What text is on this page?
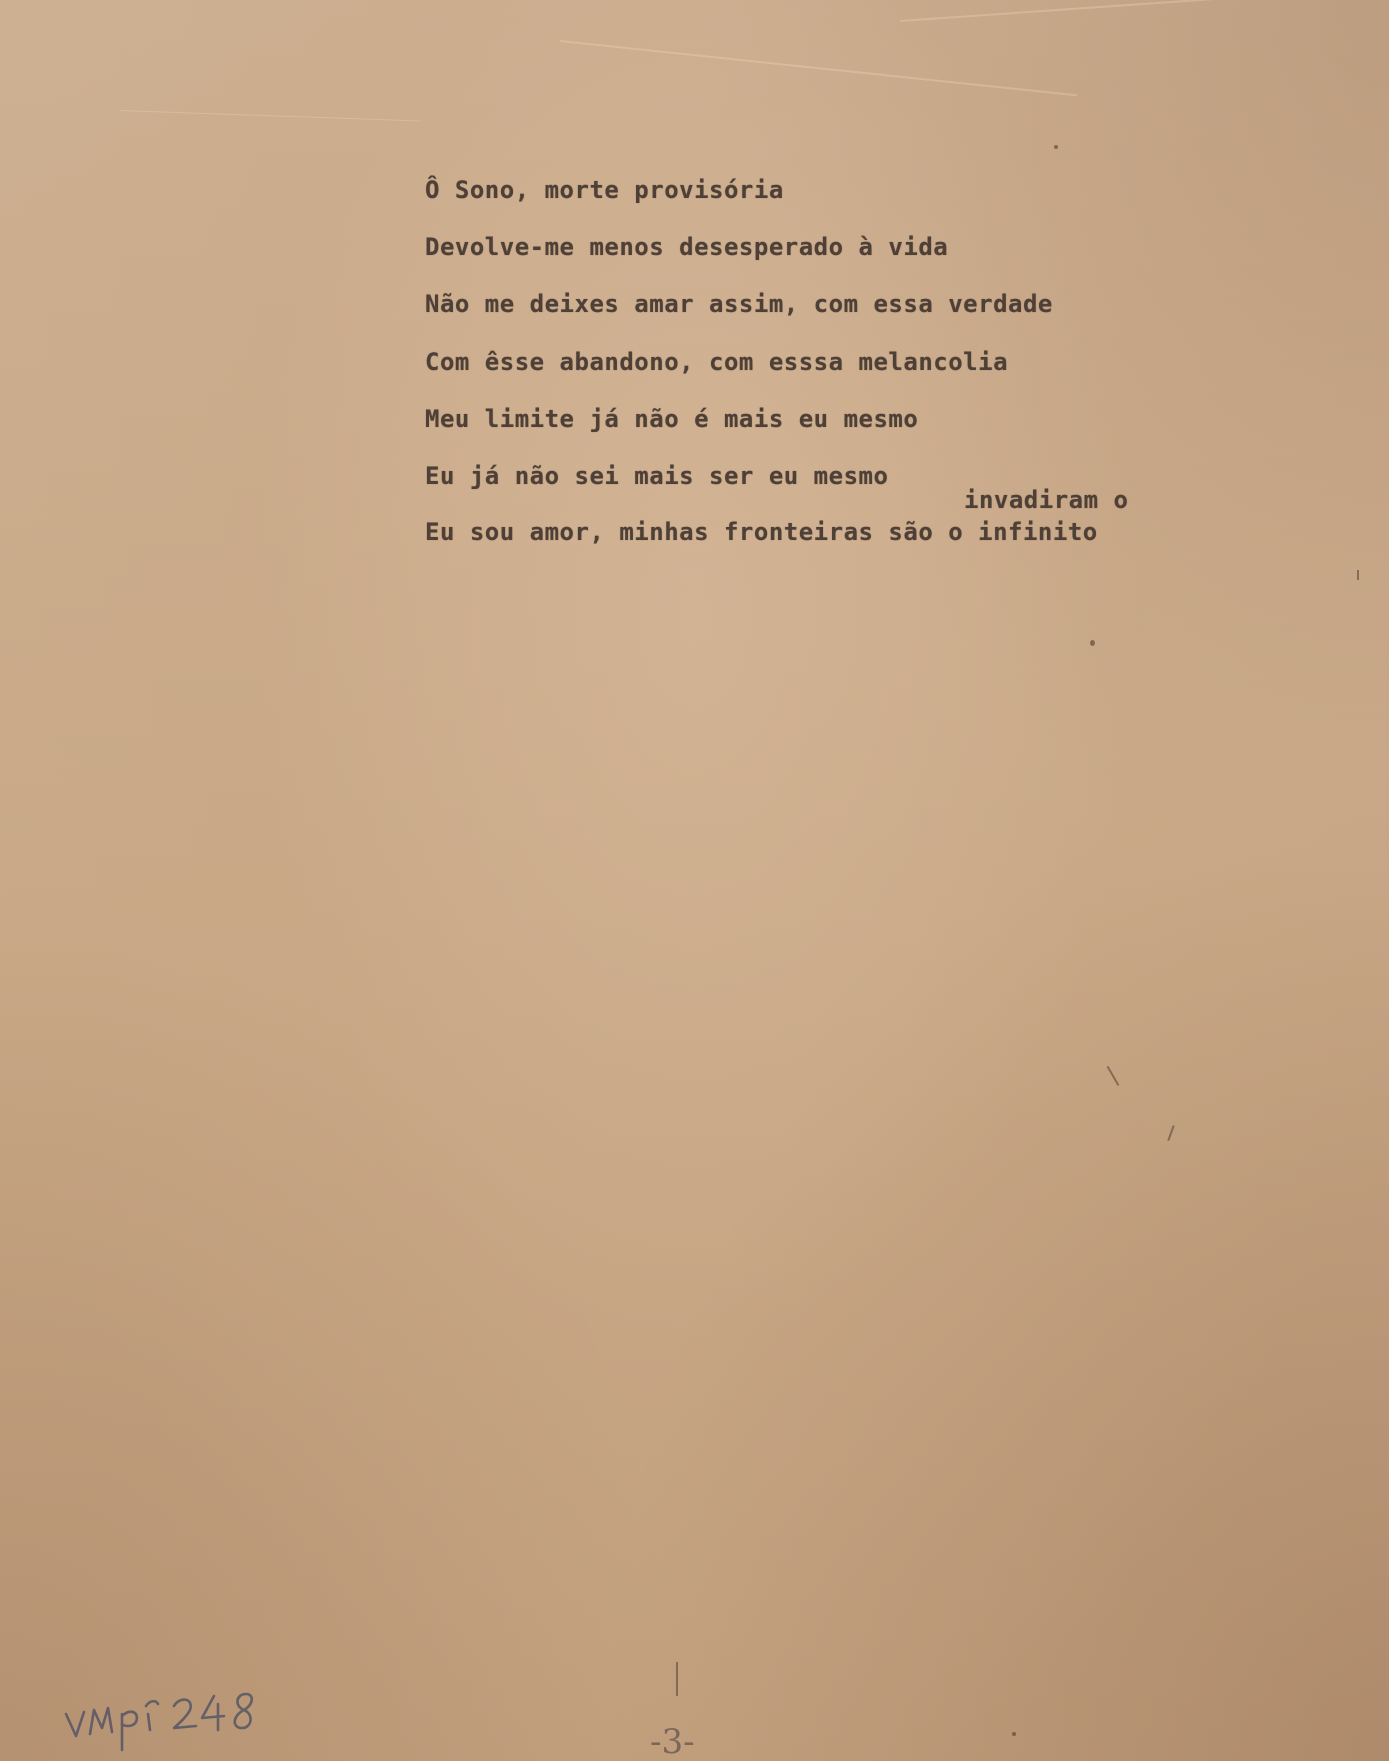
Ô Sono, morte provisória
Devolve-me menos desesperado à vida
Não me deixes amar assim, com essa verdade
Com êsse abandono, com esssa melancolia
Meu limite já não é mais eu mesmo
Eu já não sei mais ser eu mesmo
invadiram o
Eu sou amor, minhas fronteiras são o infinito
-3-
